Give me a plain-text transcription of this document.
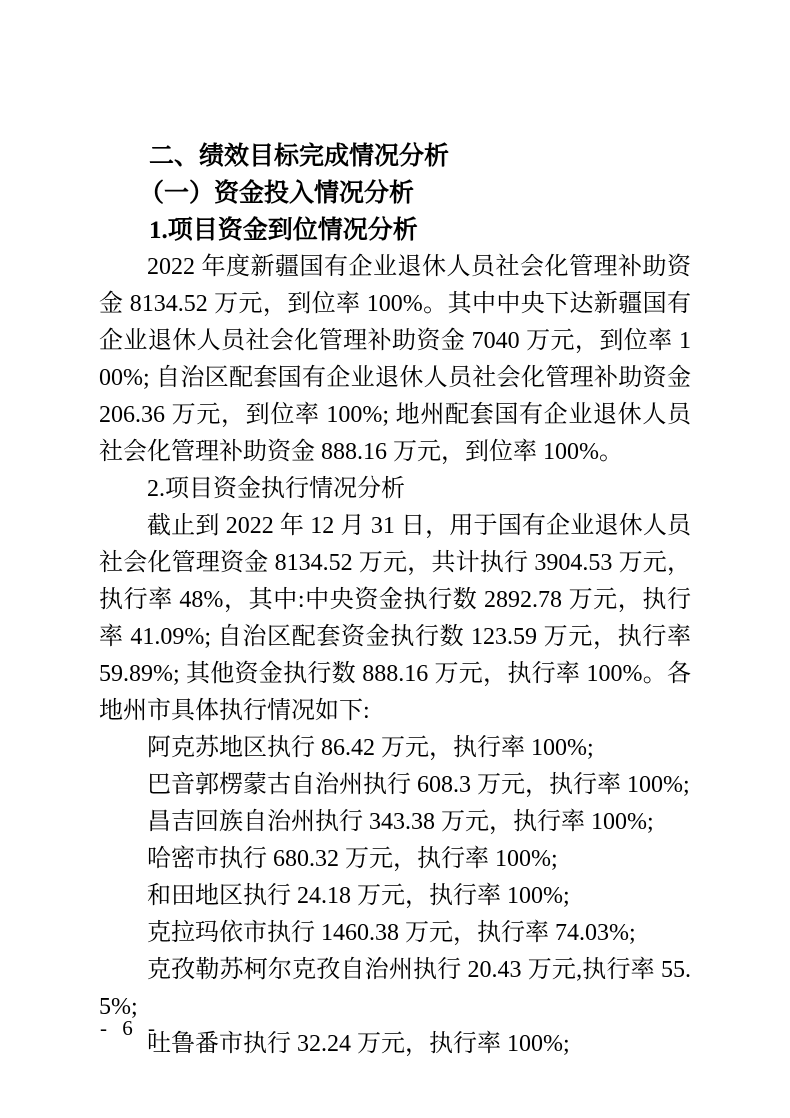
二、绩效目标完成情况分析
（一）资金投入情况分析
1.项目资金到位情况分析
2022 年度新疆国有企业退休人员社会化管理补助资金 8134.52 万元，到位率 100%。其中中央下达新疆国有企业退休人员社会化管理补助资金 7040 万元，到位率 100%; 自治区配套国有企业退休人员社会化管理补助资金 206.36 万元，到位率 100%; 地州配套国有企业退休人员社会化管理补助资金 888.16 万元，到位率 100%。
2.项目资金执行情况分析
截止到 2022 年 12 月 31 日，用于国有企业退休人员社会化管理资金 8134.52 万元，共计执行 3904.53 万元，执行率 48%，其中:中央资金执行数 2892.78 万元，执行率 41.09%; 自治区配套资金执行数 123.59 万元，执行率 59.89%; 其他资金执行数 888.16 万元，执行率 100%。各地州市具体执行情况如下:
阿克苏地区执行 86.42 万元，执行率 100%;
巴音郭楞蒙古自治州执行 608.3 万元，执行率 100%;
昌吉回族自治州执行 343.38 万元，执行率 100%;
哈密市执行 680.32 万元，执行率 100%;
和田地区执行 24.18 万元，执行率 100%;
克拉玛依市执行 1460.38 万元，执行率 74.03%;
克孜勒苏柯尔克孜自治州执行 20.43 万元,执行率 55.5%;
吐鲁番市执行 32.24 万元，执行率 100%;
- 6 -
